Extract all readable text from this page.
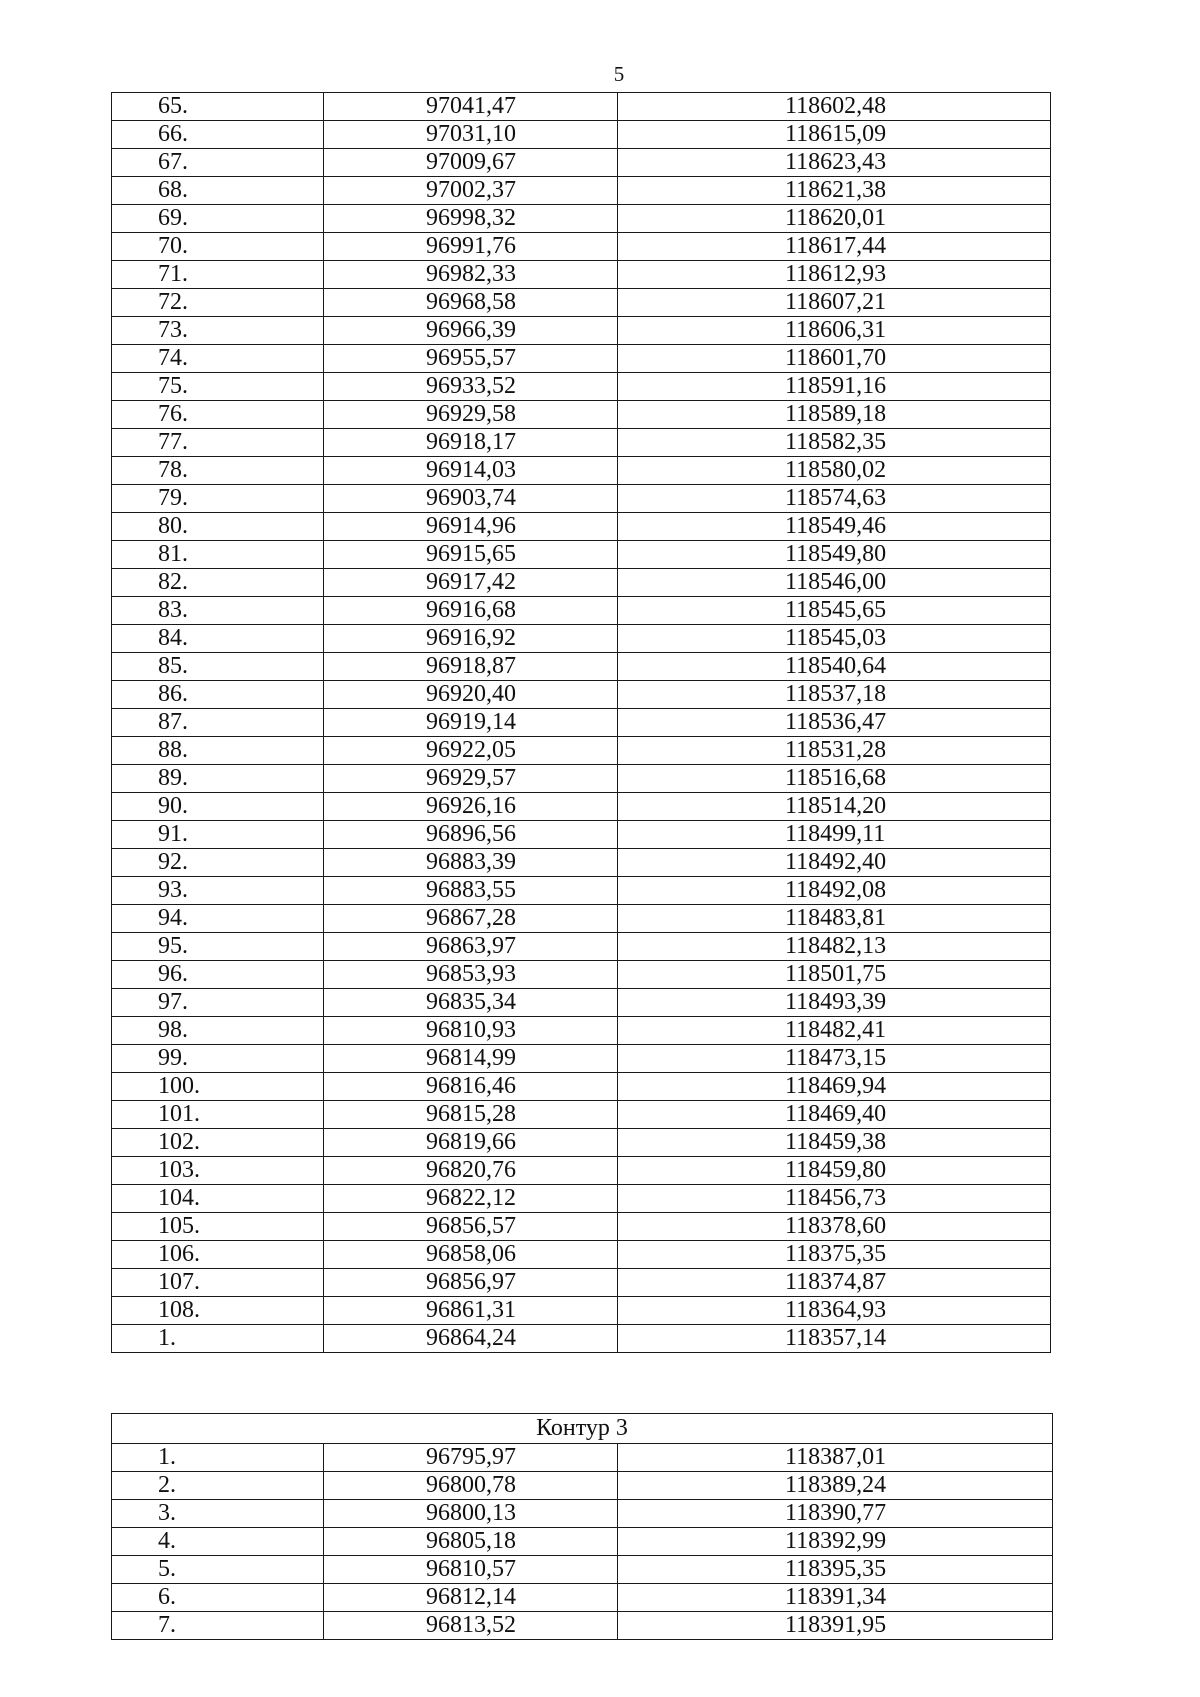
5
65.	97041,47	118602,48
66.	97031,10	118615,09
67.	97009,67	118623,43
68.	97002,37	118621,38
69.	96998,32	118620,01
70.	96991,76	118617,44
71.	96982,33	118612,93
72.	96968,58	118607,21
73.	96966,39	118606,31
74.	96955,57	118601,70
75.	96933,52	118591,16
76.	96929,58	118589,18
77.	96918,17	118582,35
78.	96914,03	118580,02
79.	96903,74	118574,63
80.	96914,96	118549,46
81.	96915,65	118549,80
82.	96917,42	118546,00
83.	96916,68	118545,65
84.	96916,92	118545,03
85.	96918,87	118540,64
86.	96920,40	118537,18
87.	96919,14	118536,47
88.	96922,05	118531,28
89.	96929,57	118516,68
90.	96926,16	118514,20
91.	96896,56	118499,11
92.	96883,39	118492,40
93.	96883,55	118492,08
94.	96867,28	118483,81
95.	96863,97	118482,13
96.	96853,93	118501,75
97.	96835,34	118493,39
98.	96810,93	118482,41
99.	96814,99	118473,15
100.	96816,46	118469,94
101.	96815,28	118469,40
102.	96819,66	118459,38
103.	96820,76	118459,80
104.	96822,12	118456,73
105.	96856,57	118378,60
106.	96858,06	118375,35
107.	96856,97	118374,87
108.	96861,31	118364,93
1.	96864,24	118357,14
Контур 3		
1.	96795,97	118387,01
2.	96800,78	118389,24
3.	96800,13	118390,77
4.	96805,18	118392,99
5.	96810,57	118395,35
6.	96812,14	118391,34
7.	96813,52	118391,95
